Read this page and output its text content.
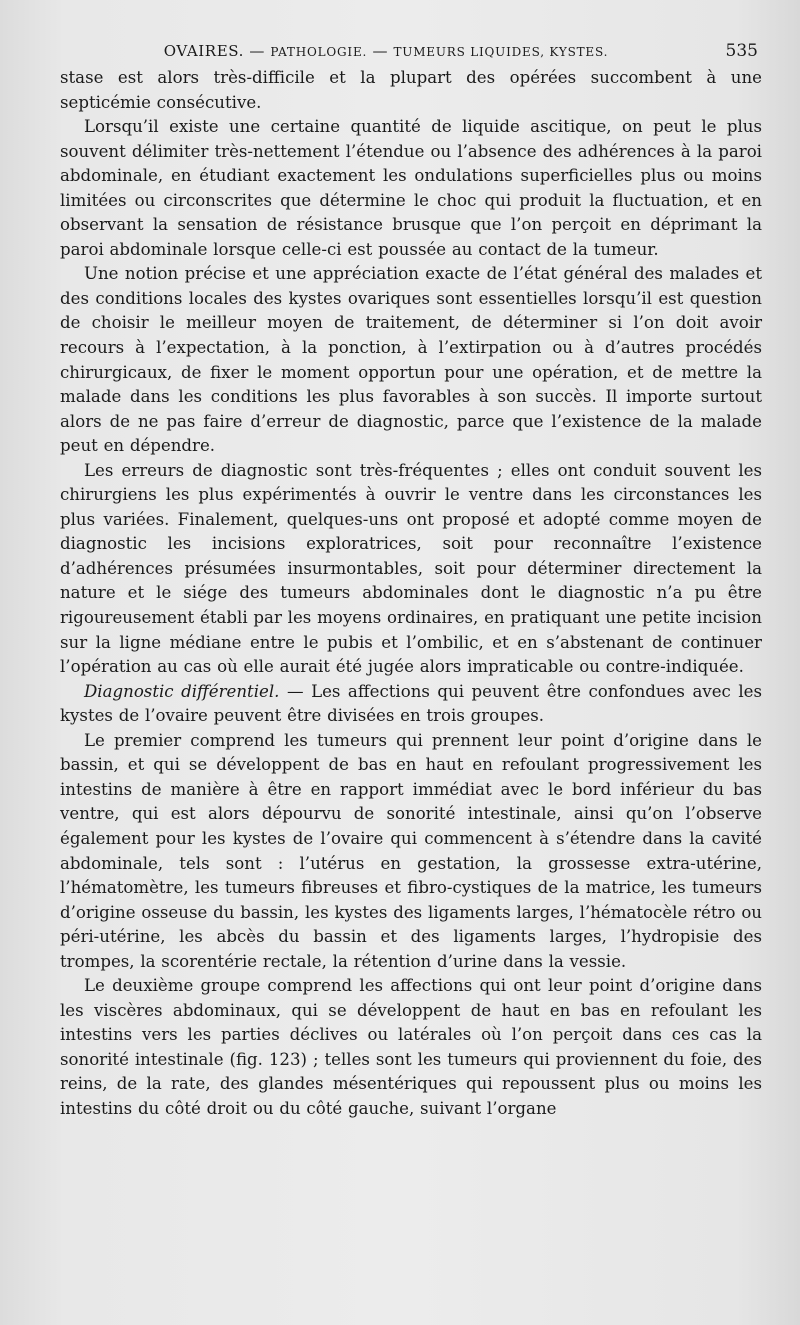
OVAIRES. — PATHOLOGIE. — TUMEURS LIQUIDES, KYSTES.	535

stase est alors très-difficile et la plupart des opérées succombent à une septicémie consécutive.

Lorsqu’il existe une certaine quantité de liquide ascitique, on peut le plus souvent délimiter très-nettement l’étendue ou l’absence des adhérences à la paroi abdominale, en étudiant exactement les ondulations superficielles plus ou moins limitées ou circonscrites que détermine le choc qui produit la fluctuation, et en observant la sensation de résistance brusque que l’on perçoit en déprimant la paroi abdominale lorsque celle-ci est poussée au contact de la tumeur.

Une notion précise et une appréciation exacte de l’état général des malades et des conditions locales des kystes ovariques sont essentielles lorsqu’il est question de choisir le meilleur moyen de traitement, de déterminer si l’on doit avoir recours à l’expectation, à la ponction, à l’extirpation ou à d’autres procédés chirurgicaux, de fixer le moment opportun pour une opération, et de mettre la malade dans les conditions les plus favorables à son succès. Il importe surtout alors de ne pas faire d’erreur de diagnostic, parce que l’existence de la malade peut en dépendre.

Les erreurs de diagnostic sont très-fréquentes ; elles ont conduit souvent les chirurgiens les plus expérimentés à ouvrir le ventre dans les circonstances les plus variées. Finalement, quelques-uns ont proposé et adopté comme moyen de diagnostic les incisions exploratrices, soit pour reconnaître l’existence d’adhérences présumées insurmontables, soit pour déterminer directement la nature et le siége des tumeurs abdominales dont le diagnostic n’a pu être rigoureusement établi par les moyens ordinaires, en pratiquant une petite incision sur la ligne médiane entre le pubis et l’ombilic, et en s’abstenant de continuer l’opération au cas où elle aurait été jugée alors impraticable ou contre-indiquée.

Diagnostic différentiel. — Les affections qui peuvent être confondues avec les kystes de l’ovaire peuvent être divisées en trois groupes.

Le premier comprend les tumeurs qui prennent leur point d’origine dans le bassin, et qui se développent de bas en haut en refoulant progressivement les intestins de manière à être en rapport immédiat avec le bord inférieur du bas ventre, qui est alors dépourvu de sonorité intestinale, ainsi qu’on l’observe également pour les kystes de l’ovaire qui commencent à s’étendre dans la cavité abdominale, tels sont : l’utérus en gestation, la grossesse extra-utérine, l’hématomètre, les tumeurs fibreuses et fibro-cystiques de la matrice, les tumeurs d’origine osseuse du bassin, les kystes des ligaments larges, l’hématocèle rétro ou péri-utérine, les abcès du bassin et des ligaments larges, l’hydropisie des trompes, la scorentérie rectale, la rétention d’urine dans la vessie.

Le deuxième groupe comprend les affections qui ont leur point d’origine dans les viscères abdominaux, qui se développent de haut en bas en refoulant les intestins vers les parties déclives ou latérales où l’on perçoit dans ces cas la sonorité intestinale (fig. 123) ; telles sont les tumeurs qui proviennent du foie, des reins, de la rate, des glandes mésentériques qui repoussent plus ou moins les intestins du côté droit ou du côté gauche, suivant l’organe
